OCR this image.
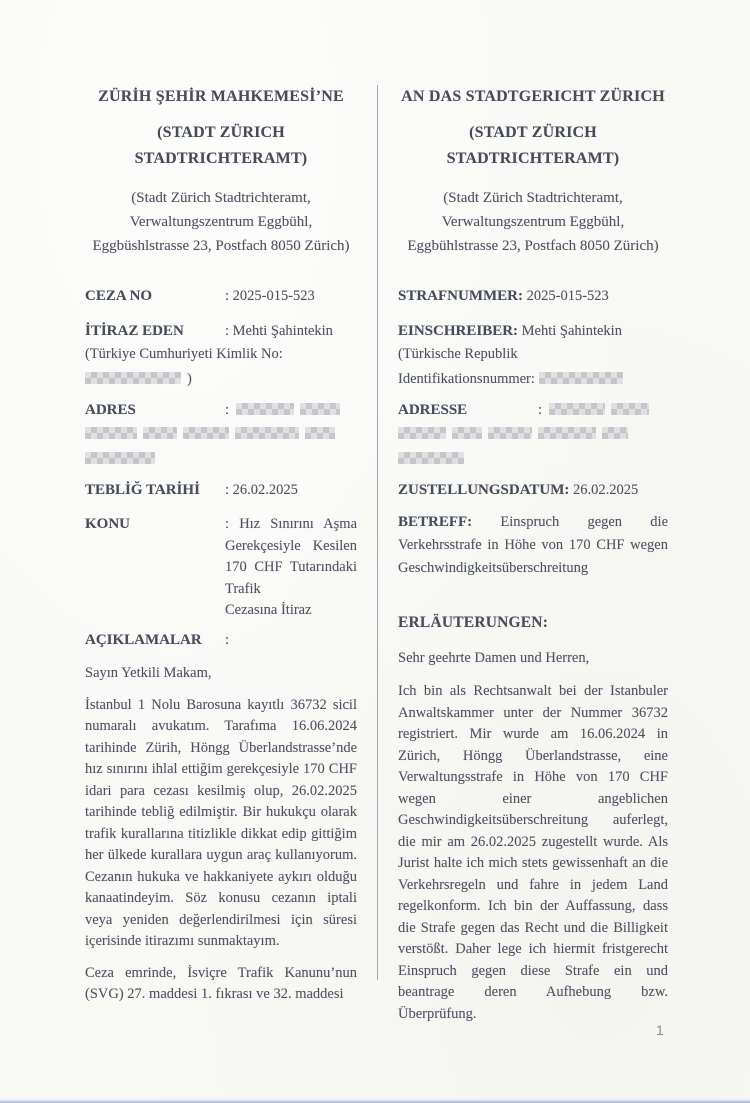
ZÜRİH ŞEHİR MAHKEMESİ’NE
(STADT ZÜRICH
STADTRICHTERAMT)
(Stadt Zürich Stadtrichteramt,
Verwaltungszentrum Eggbühl,
Eggbüshlstrasse 23, Postfach 8050 Zürich)
CEZA NO	: 2025-015-523
İTİRAZ EDEN	: Mehti Şahintekin
(Türkiye Cumhuriyeti Kimlik No:
)
ADRES	:
TEBLİĞ TARİHİ	: 26.02.2025
KONU	: Hız Sınırını Aşma
Gerekçesiyle Kesilen
170 CHF Tutarındaki
Trafik
Cezasına İtiraz
AÇIKLAMALAR	:
Sayın Yetkili Makam,

İstanbul 1 Nolu Barosuna kayıtlı 36732 sicil numaralı avukatım. Tarafıma 16.06.2024 tarihinde Zürih, Höngg Überlandstrasse’nde hız sınırını ihlal ettiğim gerekçesiyle 170 CHF idari para cezası kesilmiş olup, 26.02.2025 tarihinde tebliğ edilmiştir. Bir hukukçu olarak trafik kurallarına titizlikle dikkat edip gittiğim her ülkede kurallara uygun araç kullanıyorum. Cezanın hukuka ve hakkaniyete aykırı olduğu kanaatindeyim. Söz konusu cezanın iptali veya yeniden değerlendirilmesi için süresi içerisinde itirazımı sunmaktayım.

Ceza emrinde, İsviçre Trafik Kanunu’nun (SVG) 27. maddesi 1. fıkrası ve 32. maddesi

AN DAS STADTGERICHT ZÜRICH
(STADT ZÜRICH
STADTRICHTERAMT)
(Stadt Zürich Stadtrichteramt,
Verwaltungszentrum Eggbühl,
Eggbühlstrasse 23, Postfach 8050 Zürich)
STRAFNUMMER: 2025-015-523
EINSCHREIBER: Mehti Şahintekin
(Türkische Republik
Identifikationsnummer:
ADRESSE	:
ZUSTELLUNGSDATUM: 26.02.2025

BETREFF: Einspruch gegen die Verkehrsstrafe in Höhe von 170 CHF wegen Geschwindigkeitsüberschreitung

ERLÄUTERUNGEN:
Sehr geehrte Damen und Herren,

Ich bin als Rechtsanwalt bei der Istanbuler Anwaltskammer unter der Nummer 36732 registriert. Mir wurde am 16.06.2024 in Zürich, Höngg Überlandstrasse, eine Verwaltungsstrafe in Höhe von 170 CHF wegen einer angeblichen Geschwindigkeitsüberschreitung auferlegt, die mir am 26.02.2025 zugestellt wurde. Als Jurist halte ich mich stets gewissenhaft an die Verkehrsregeln und fahre in jedem Land regelkonform. Ich bin der Auffassung, dass die Strafe gegen das Recht und die Billigkeit verstößt. Daher lege ich hiermit fristgerecht Einspruch gegen diese Strafe ein und beantrage deren Aufhebung bzw. Überprüfung.

1
